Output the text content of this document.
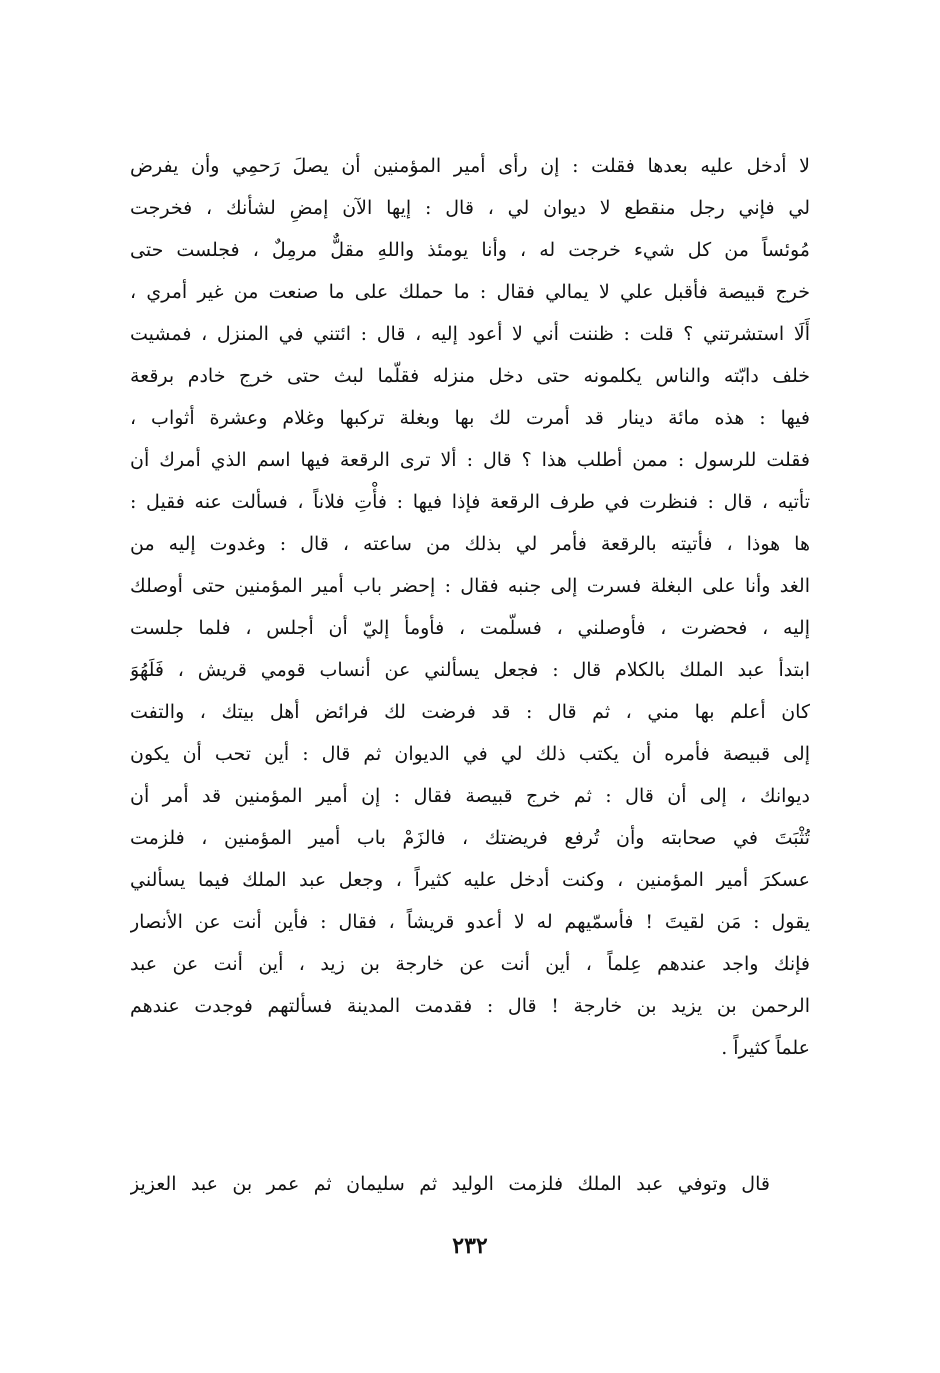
لا أدخل عليه بعدها فقلت : إن رأى أمير المؤمنين أن يصلَ رَحمِي وأن يفرض
لي فإني رجل منقطع لا ديوان لي ، قال : إيها الآن إمضِ لشأنك ، فخرجت
مُوئساً من كل شيء خرجت له ، وأنا يومئذ واللهِ مقلٌّ مرمِلٌ ، فجلست حتى
خرج قبيصة فأقبل علي لا يمالي فقال : ما حملك على ما صنعت من غير أمري ،
أَلَا استشرتني ؟ قلت : ظننت أني لا أعود إليه ، قال : ائتني في المنزل ، فمشيت
خلف دابّته والناس يكلمونه حتى دخل منزله فقلّما لبث حتى خرج خادم برقعة
فيها : هذه مائة دينار قد أمرت لك بها وبغلة تركبها وغلام وعشرة أثواب ،
فقلت للرسول : ممن أطلب هذا ؟ قال : ألا ترى الرقعة فيها اسم الذي أمرك أن
تأتيه ، قال : فنظرت في طرف الرقعة فإذا فيها : فأْتِ فلاناً ، فسألت عنه فقيل :
ها هوذا ، فأتيته بالرقعة فأمر لي بذلك من ساعته ، قال : وغدوت إليه من
الغد وأنا على البغلة فسرت إلى جنبه فقال : إحضر باب أمير المؤمنين حتى أوصلك
إليه ، فحضرت ، فأوصلني ، فسلّمت ، فأومأ إليّ أن أجلس ، فلما جلست
ابتدأ عبد الملك بالكلام قال : فجعل يسألني عن أنساب قومي قريش ، فَلَهُوَ
كان أعلم بها مني ، ثم قال : قد فرضت لك فرائض أهل بيتك ، والتفت
إلى قبيصة فأمره أن يكتب ذلك لي في الديوان ثم قال : أين تحب أن يكون
ديوانك ، إلى أن قال : ثم خرج قبيصة فقال : إن أمير المؤمنين قد أمر أن
تُثْبَتَ في صحابته وأن تُرفع فريضتك ، فالزَمْ باب أمير المؤمنين ، فلزمت
عسكرَ أمير المؤمنين ، وكنت أدخل عليه كثيراً ، وجعل عبد الملك فيما يسألني
يقول : مَن لقيتَ ! فأسمّيهم له لا أعدو قريشاً ، فقال : فأين أنت عن الأنصار
فإنك واجد عندهم عِلماً ، أين أنت عن خارجة بن زيد ، أين أنت عن عبد
الرحمن بن يزيد بن خارجة ! قال : فقدمت المدينة فسألتهم فوجدت عندهم
علماً كثيراً .
قال وتوفي عبد الملك فلزمت الوليد ثم سليمان ثم عمر بن عبد العزيز
٢٣٢
